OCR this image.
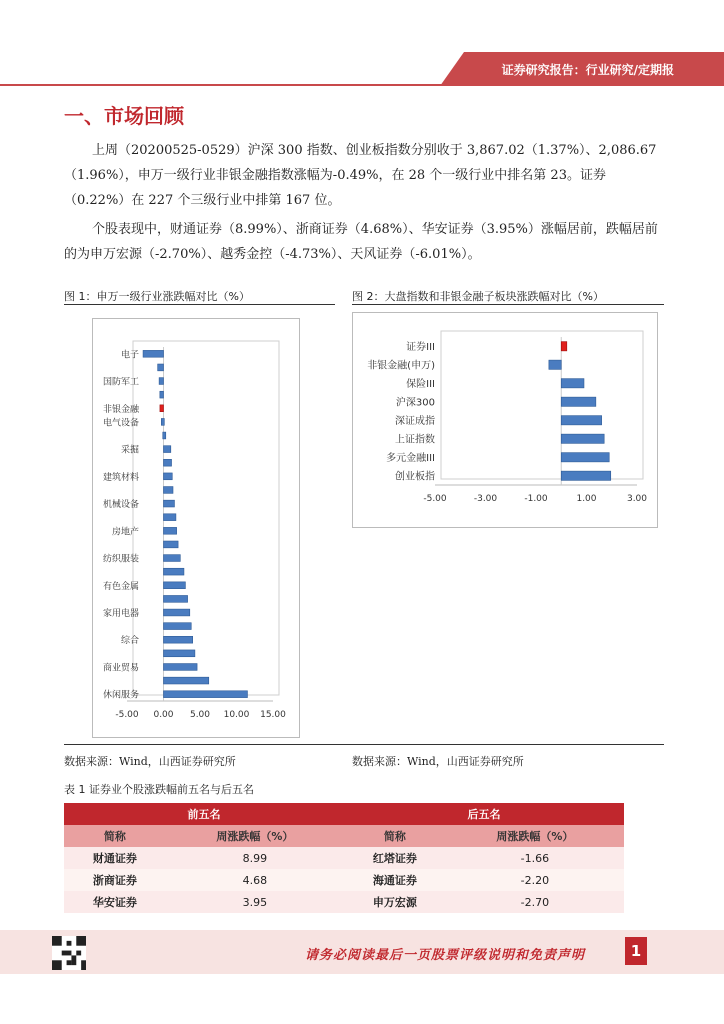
证券研究报告：行业研究/定期报
一、市场回顾

上周（20200525-0529）沪深 300 指数、创业板指数分别收于 3,867.02（1.37%）、2,086.67（1.96%），申万一级行业非银金融指数涨幅为-0.49%，在 28 个一级行业中排名第 23。证券（0.22%）在 227 个三级行业中排第 167 位。

个股表现中，财通证券（8.99%）、浙商证券（4.68%）、华安证券（3.95%）涨幅居前，跌幅居前的为申万宏源（-2.70%）、越秀金控（-4.73%）、天风证券（-6.01%）。

图 1：申万一级行业涨跌幅对比（%）	图 2：大盘指数和非银金融子板块涨跌幅对比（%）
电子
国防军工
非银金融
电气设备
采掘
建筑材料
机械设备
房地产
纺织服装
有色金属
家用电器
综合
商业贸易
休闲服务
-5.00 0.00 5.00 10.00 15.00
证券III
非银金融(申万)
保险III
沪深300
深证成指
上证指数
多元金融III
创业板指
-5.00	-3.00	-1.00	1.00	3.00
数据来源：Wind，山西证券研究所	数据来源：Wind，山西证券研究所
表 1 证券业个股涨跌幅前五名与后五名
前五名		后五名	
简称	周涨跌幅（%）	简称	周涨跌幅（%）
财通证券	8.99	红塔证券	-1.66
浙商证券	4.68	海通证券	-2.20
华安证券	3.95	申万宏源	-2.70
请务必阅读最后一页股票评级说明和免责声明	1
